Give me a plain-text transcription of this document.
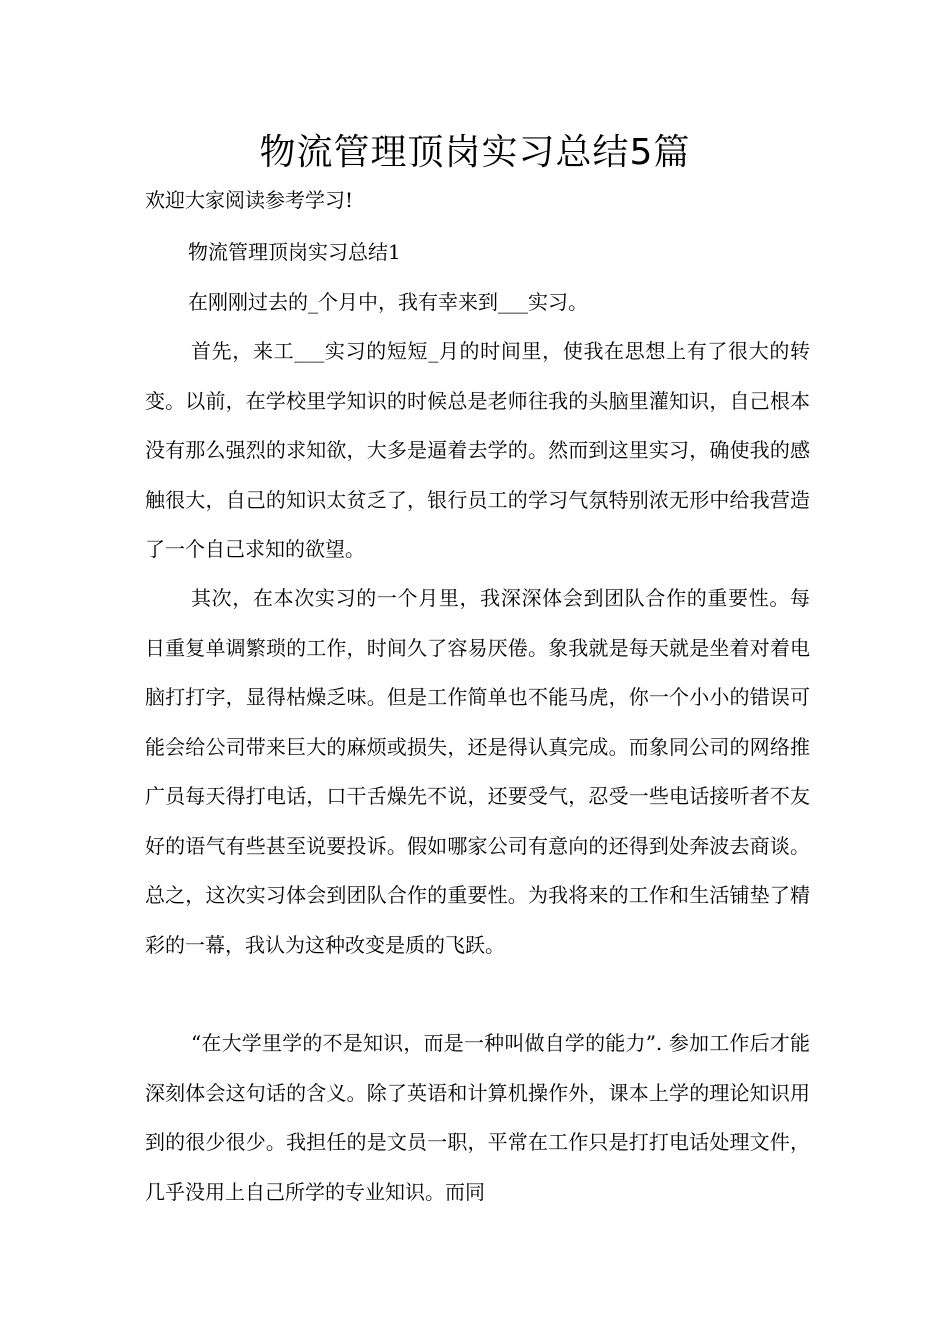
物流管理顶岗实习总结5篇

欢迎大家阅读参考学习!

物流管理顶岗实习总结1

在刚刚过去的_个月中，我有幸来到___实习。

首先，来工___实习的短短_月的时间里，使我在思想上有了很大的转变。以前，在学校里学知识的时候总是老师往我的头脑里灌知识，自己根本没有那么强烈的求知欲，大多是逼着去学的。然而到这里实习，确使我的感触很大，自己的知识太贫乏了，银行员工的学习气氛特别浓无形中给我营造了一个自己求知的欲望。

其次，在本次实习的一个月里，我深深体会到团队合作的重要性。每日重复单调繁琐的工作，时间久了容易厌倦。象我就是每天就是坐着对着电脑打打字，显得枯燥乏味。但是工作简单也不能马虎，你一个小小的错误可能会给公司带来巨大的麻烦或损失，还是得认真完成。而象同公司的网络推广员每天得打电话，口干舌燥先不说，还要受气，忍受一些电话接听者不友好的语气有些甚至说要投诉。假如哪家公司有意向的还得到处奔波去商谈。总之，这次实习体会到团队合作的重要性。为我将来的工作和生活铺垫了精彩的一幕，我认为这种改变是质的飞跃。

“在大学里学的不是知识，而是一种叫做自学的能力”. 参加工作后才能深刻体会这句话的含义。除了英语和计算机操作外，课本上学的理论知识用到的很少很少。我担任的是文员一职，平常在工作只是打打电话处理文件，几乎没用上自己所学的专业知识。而同
